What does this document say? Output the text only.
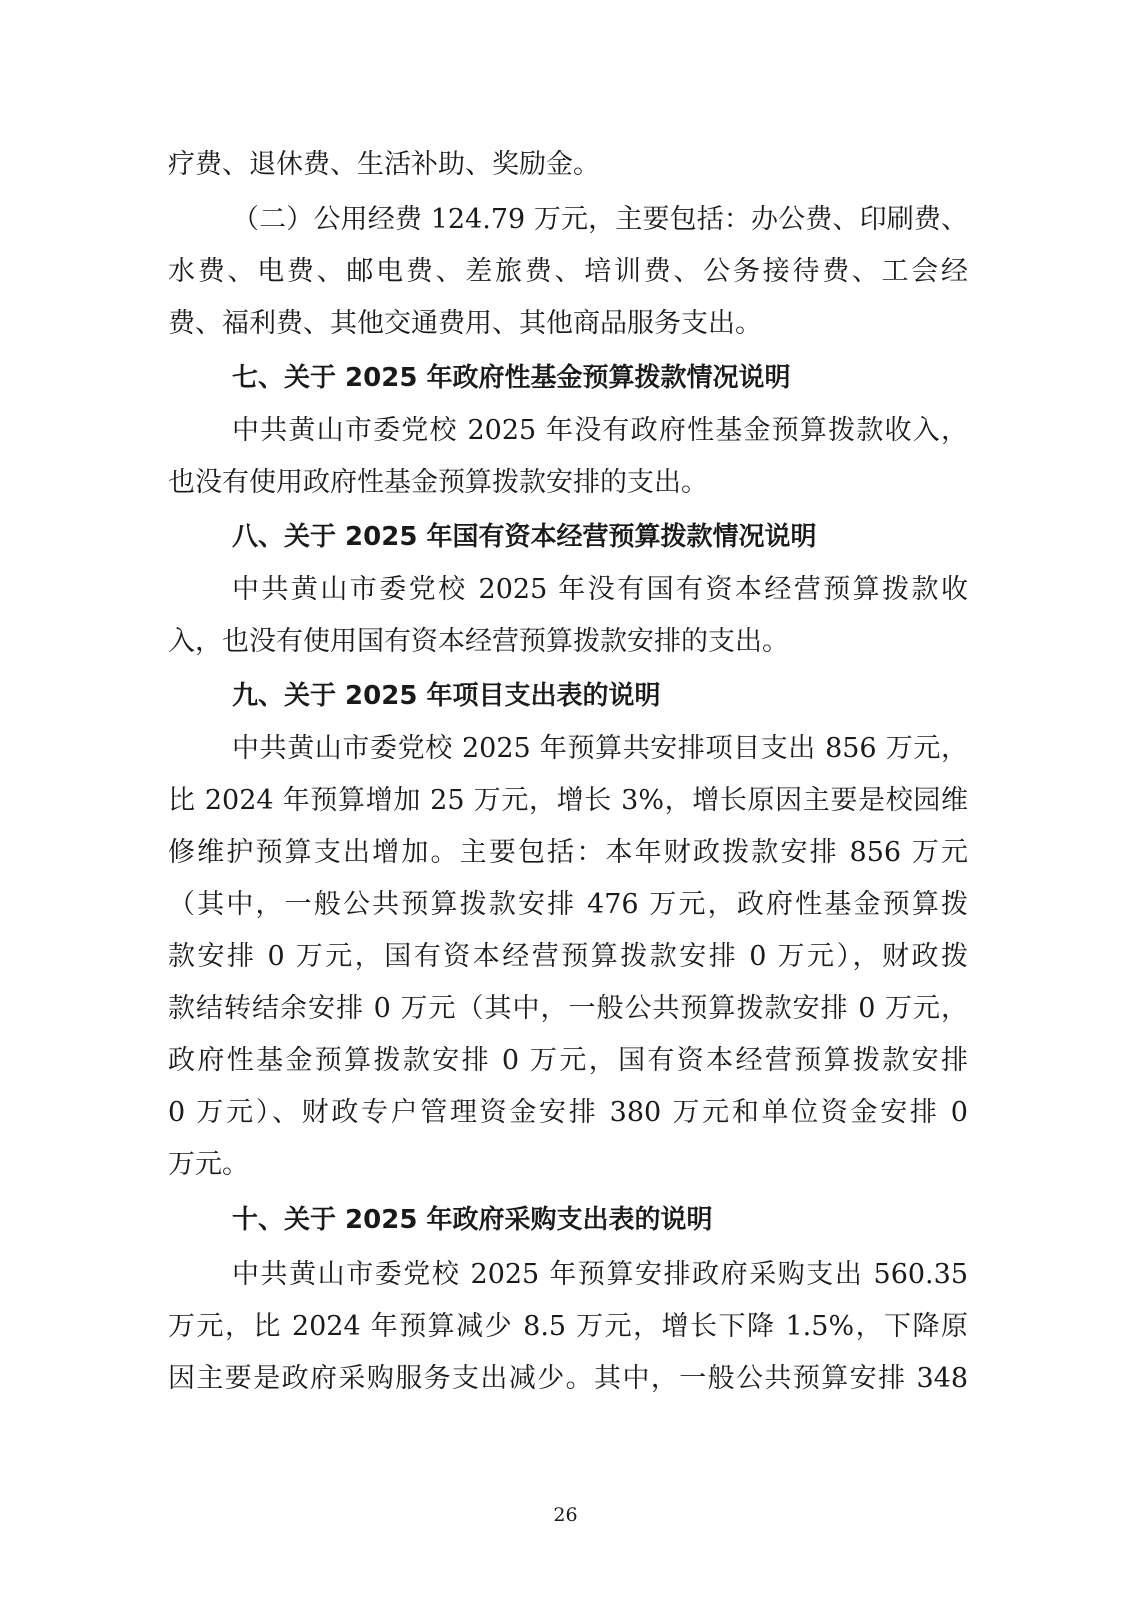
疗费、退休费、生活补助、奖励金。
（二）公用经费 124.79 万元，主要包括：办公费、印刷费、
水费、电费、邮电费、差旅费、培训费、公务接待费、工会经
费、福利费、其他交通费用、其他商品服务支出。
七、关于 2025 年政府性基金预算拨款情况说明
中共黄山市委党校 2025 年没有政府性基金预算拨款收入，
也没有使用政府性基金预算拨款安排的支出。
八、关于 2025 年国有资本经营预算拨款情况说明
中共黄山市委党校 2025 年没有国有资本经营预算拨款收
入，也没有使用国有资本经营预算拨款安排的支出。
九、关于 2025 年项目支出表的说明
中共黄山市委党校 2025 年预算共安排项目支出 856 万元，
比 2024 年预算增加 25 万元，增长 3%，增长原因主要是校园维
修维护预算支出增加。主要包括：本年财政拨款安排 856 万元
（其中，一般公共预算拨款安排 476 万元，政府性基金预算拨
款安排 0 万元，国有资本经营预算拨款安排 0 万元），财政拨
款结转结余安排 0 万元（其中，一般公共预算拨款安排 0 万元，
政府性基金预算拨款安排 0 万元，国有资本经营预算拨款安排
0 万元）、财政专户管理资金安排 380 万元和单位资金安排 0
万元。
十、关于 2025 年政府采购支出表的说明
中共黄山市委党校 2025 年预算安排政府采购支出 560.35
万元，比 2024 年预算减少 8.5 万元，增长下降 1.5%，下降原
因主要是政府采购服务支出减少。其中，一般公共预算安排 348
26
